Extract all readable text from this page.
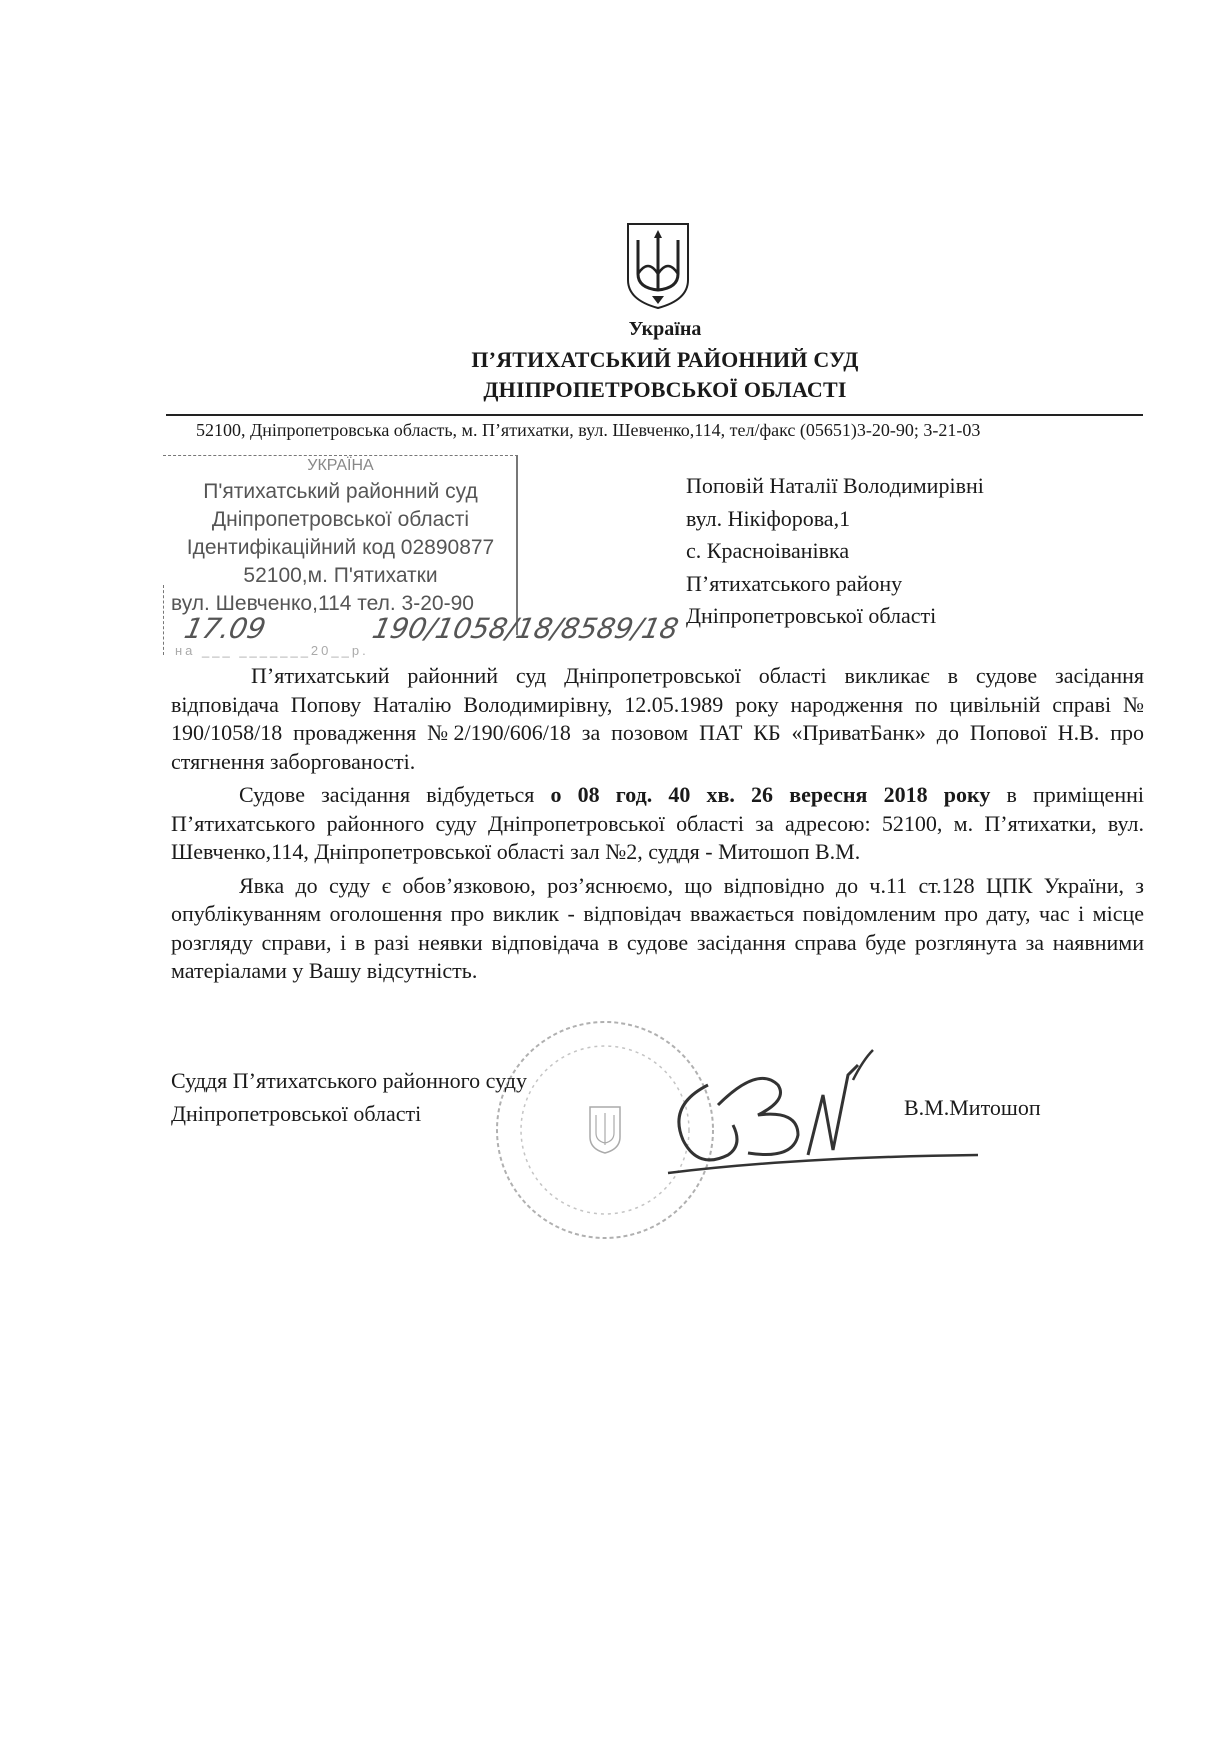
Україна
П’ЯТИХАТСЬКИЙ РАЙОННИЙ СУД
ДНІПРОПЕТРОВСЬКОЇ ОБЛАСТІ
52100, Дніпропетровська область, м. П’ятихатки, вул. Шевченко,114, тел/факс (05651)3-20-90; 3-21-03
УКРАЇНА
П'ятихатський районний суд
Дніпропетровської області
Ідентифікаційний код 02890877
52100,м. П'ятихатки
вул. Шевченко,114 тел. 3-20-90
на ___ _______20__р.
17.09	190/1058/18/8589/18
Поповій Наталії Володимирівні
вул. Нікіфорова,1
с. Красноіванівка
П’ятихатського району
Дніпропетровської області

П’ятихатський районний суд Дніпропетровської області викликає в судове засідання відповідача Попову Наталію Володимирівну, 12.05.1989 року народження по цивільній справі № 190/1058/18 провадження №2/190/606/18 за позовом ПАТ КБ «ПриватБанк» до Попової Н.В. про стягнення заборгованості.

Судове засідання відбудеться о 08 год. 40 хв. 26 вересня 2018 року в приміщенні П’ятихатського районного суду Дніпропетровської області за адресою: 52100, м. П’ятихатки, вул. Шевченко,114, Дніпропетровської області зал №2, суддя - Митошоп В.М.

Явка до суду є обов’язковою, роз’яснюємо, що відповідно до ч.11 ст.128 ЦПК України, з опублікуванням оголошення про виклик - відповідач вважається повідомленим про дату, час і місце розгляду справи, і в разі неявки відповідача в судове засідання справа буде розглянута за наявними матеріалами у Вашу відсутність.

Суддя П’ятихатського районного суду
Дніпропетровської області	В.М.Митошоп
